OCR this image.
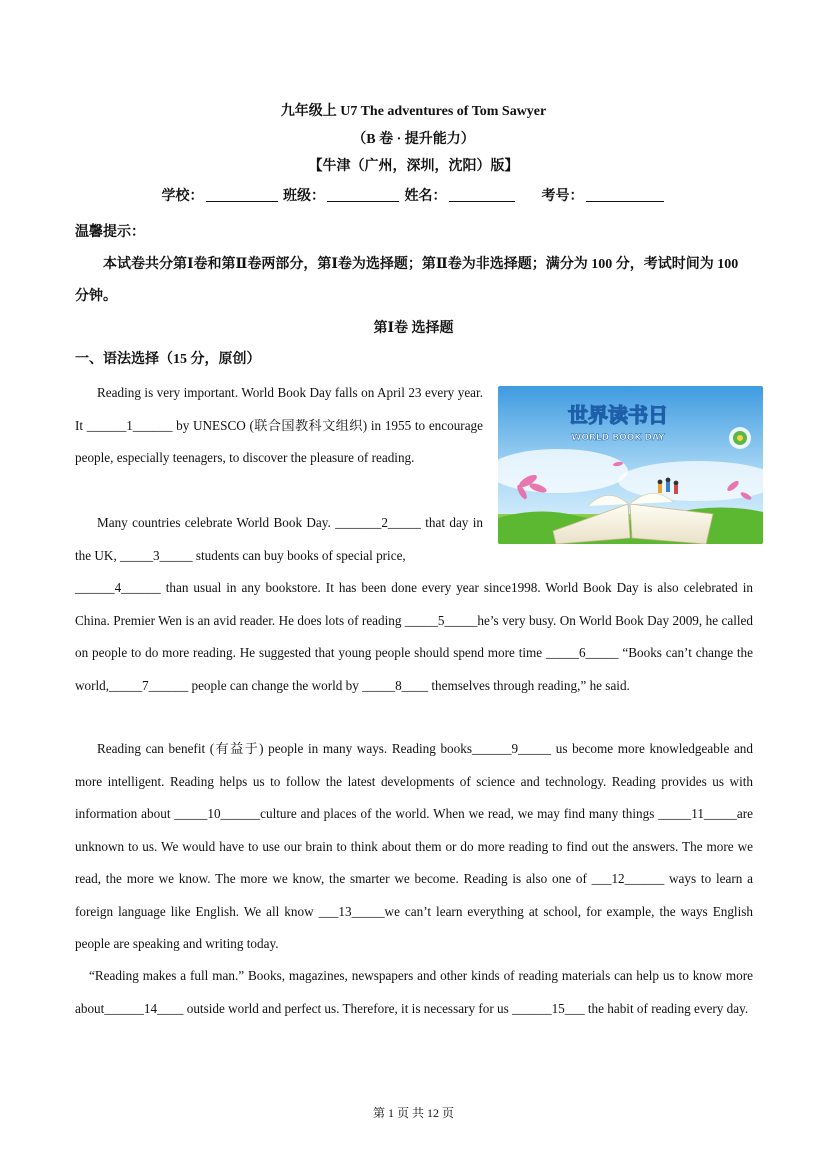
九年级上 U7 The adventures of Tom Sawyer
（B 卷 · 提升能力）
【牛津（广州，深圳，沈阳）版】
学校：	班级：	姓名：	考号：
温馨提示：
本试卷共分第Ⅰ卷和第Ⅱ卷两部分，第Ⅰ卷为选择题；第Ⅱ卷为非选择题；满分为 100 分，考试时间为 100 分钟。
第Ⅰ卷 选择题
一、语法选择（15 分，原创）
Reading is very important. World Book Day falls on April 23 every year. It ______1______ by UNESCO (联合国教科文组织) in 1955 to encourage people, especially teenagers, to discover the pleasure of reading.
世界读书日
WORLD BOOK DAY
Many countries celebrate World Book Day. _______2_____ that day in the UK, _____3_____ students can buy books of special price,
______4______ than usual in any bookstore. It has been done every year since1998. World Book Day is also celebrated in China. Premier Wen is an avid reader. He does lots of reading _____5_____he’s very busy. On World Book Day 2009, he called on people to do more reading. He suggested that young people should spend more time _____6_____ “Books can’t change the world,_____7______ people can change the world by _____8____ themselves through reading,” he said.
Reading can benefit (有益于) people in many ways. Reading books______9_____ us become more knowledgeable and more intelligent. Reading helps us to follow the latest developments of science and technology. Reading provides us with information about _____10______culture and places of the world. When we read, we may find many things _____11_____are unknown to us. We would have to use our brain to think about them or do more reading to find out the answers. The more we read, the more we know. The more we know, the smarter we become. Reading is also one of ___12______ ways to learn a foreign language like English. We all know ___13_____we can’t learn everything at school, for example, the ways English people are speaking and writing today.
“Reading makes a full man.” Books, magazines, newspapers and other kinds of reading materials can help us to know more about______14____ outside world and perfect us. Therefore, it is necessary for us ______15___ the habit of reading every day.
第 1 页 共 12 页
